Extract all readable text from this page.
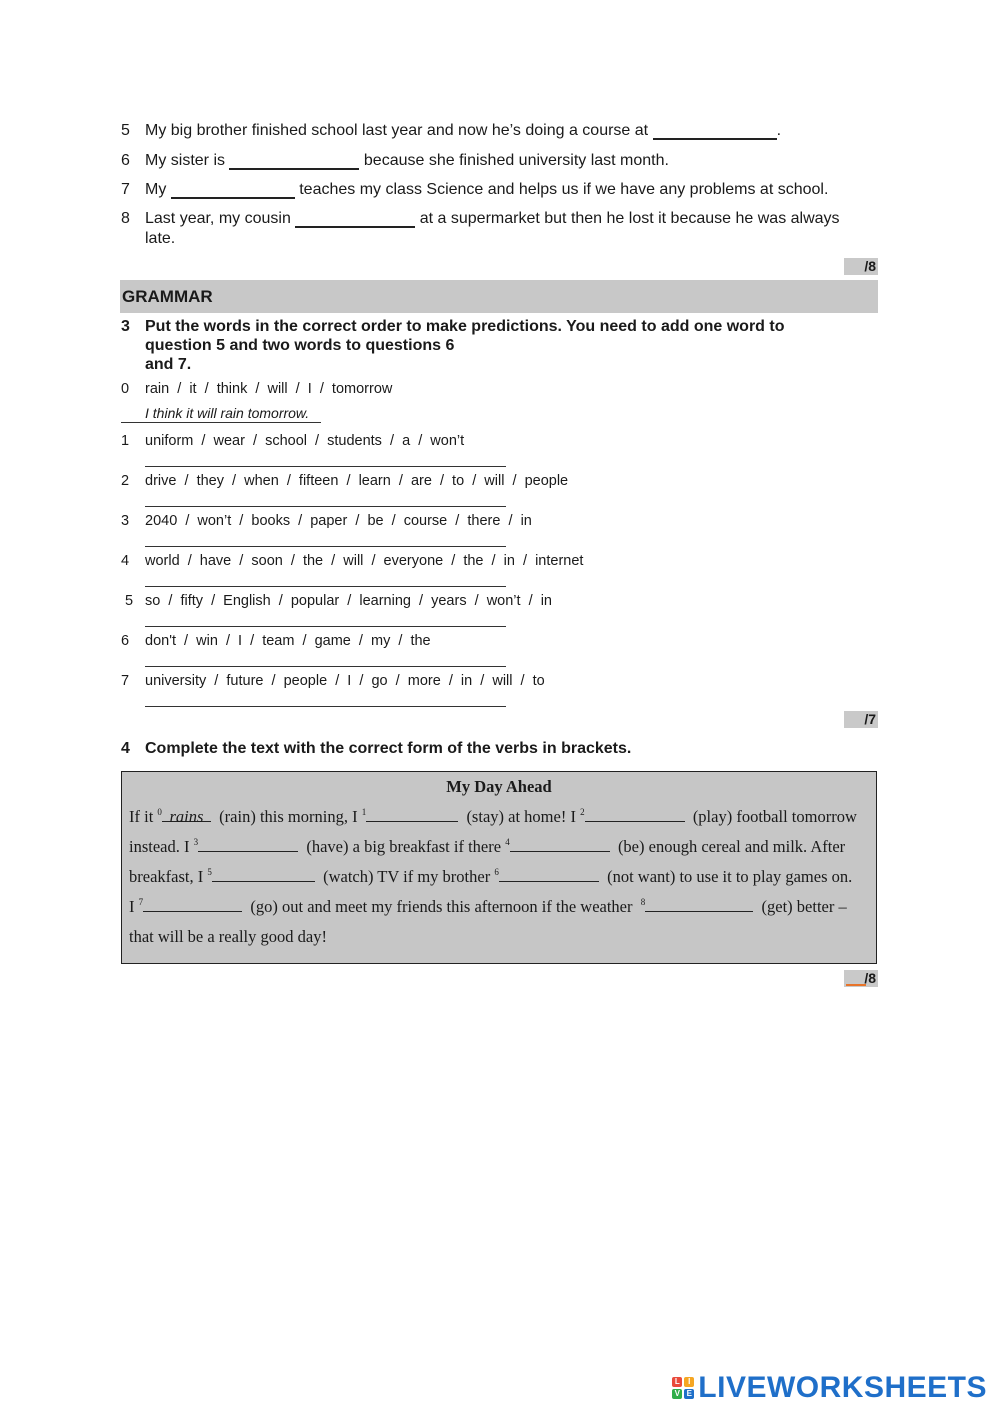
5 My big brother finished school last year and now he’s doing a course at	.
6 My sister is	because she finished university last month.
7 My	teaches my class Science and helps us if we have any problems at school.
8 Last year, my cousin	at a supermarket but then he lost it because he was always
late.
/8
GRAMMAR
3 Put the words in the correct order to make predictions. You need to add one word to
question 5 and two words to questions 6
and 7.
0 rain  /  it  /  think  /  will  /  I  /  tomorrow
I think it will rain tomorrow.
1 uniform  /  wear  /  school  /  students  /  a  /  won’t
2 drive  /  they  /  when  /  fifteen  /  learn  /  are  /  to  /  will  /  people
3 2040  /  won’t  /  books  /  paper  /  be  /  course  /  there  /  in
4 world  /  have  /  soon  /  the  /  will  /  everyone  /  the  /  in  /  internet
5 so  /  fifty  /  English  /  popular  /  learning  /  years  /  won’t  /  in
6 don't  /  win  /  I  /  team  /  game  /  my  /  the
7 university  /  future  /  people  /  I  /  go  /  more  /  in  /  will  /  to
/7
4 Complete the text with the correct form of the verbs in brackets.
My Day Ahead
If it $^0$ rains (rain) this morning, I $^1$	(stay) at home! I $^2$	(play) football tomorrow
instead. I $^3$	(have) a big breakfast if there $^4$	(be) enough cereal and milk. After
breakfast, I $^5$	(watch) TV if my brother $^6$	(not want) to use it to play games on.
I $^7$	(go) out and meet my friends this afternoon if the weather $^8$	(get) better –
that will be a really good day!
/8
L	I
V E LIVEWORKSHEETS
